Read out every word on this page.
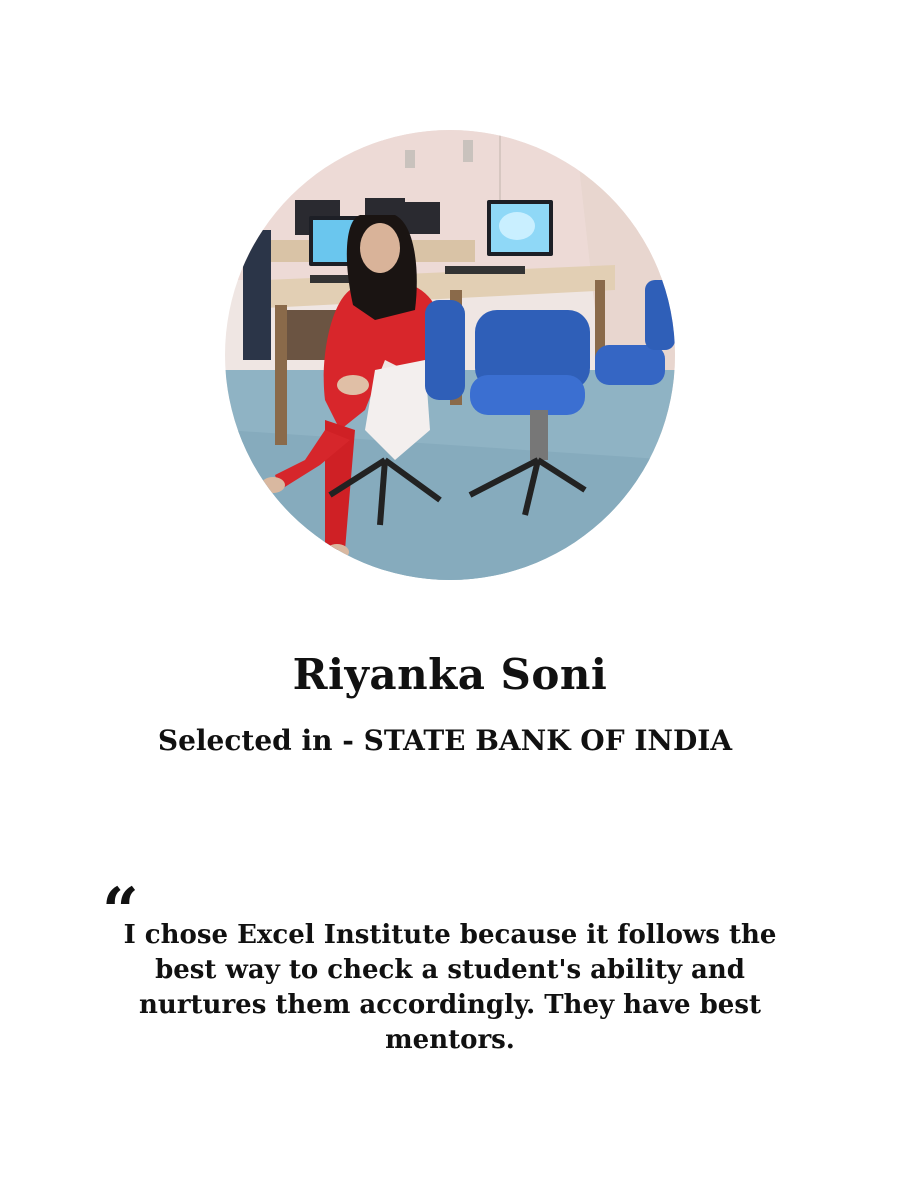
Riyanka Soni

Selected in - STATE BANK OF INDIA

“

I chose Excel Institute because it follows the best way to check a student's ability and nurtures them accordingly. They have best mentors.
